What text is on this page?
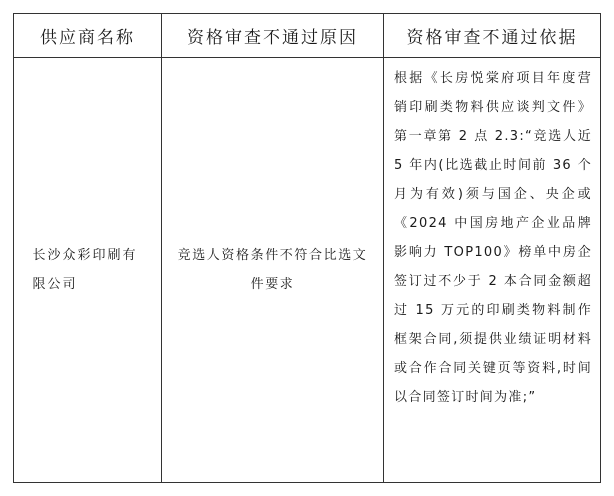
供应商名称	资格审查不通过原因	资格审查不通过依据
长沙众彩印刷有限公司
竞选人资格条件不符合比选文件要求
根据《长房悦棠府项目年度营销印刷类物料供应谈判文件》第一章第 2 点 2.3:“竞选人近 5 年内(比选截止时间前 36 个月为有效)须与国企、央企或《2024 中国房地产企业品牌影响力 TOP100》榜单中房企签订过不少于 2 本合同金额超过 15 万元的印刷类物料制作框架合同,须提供业绩证明材料或合作合同关键页等资料,时间以合同签订时间为准;”
